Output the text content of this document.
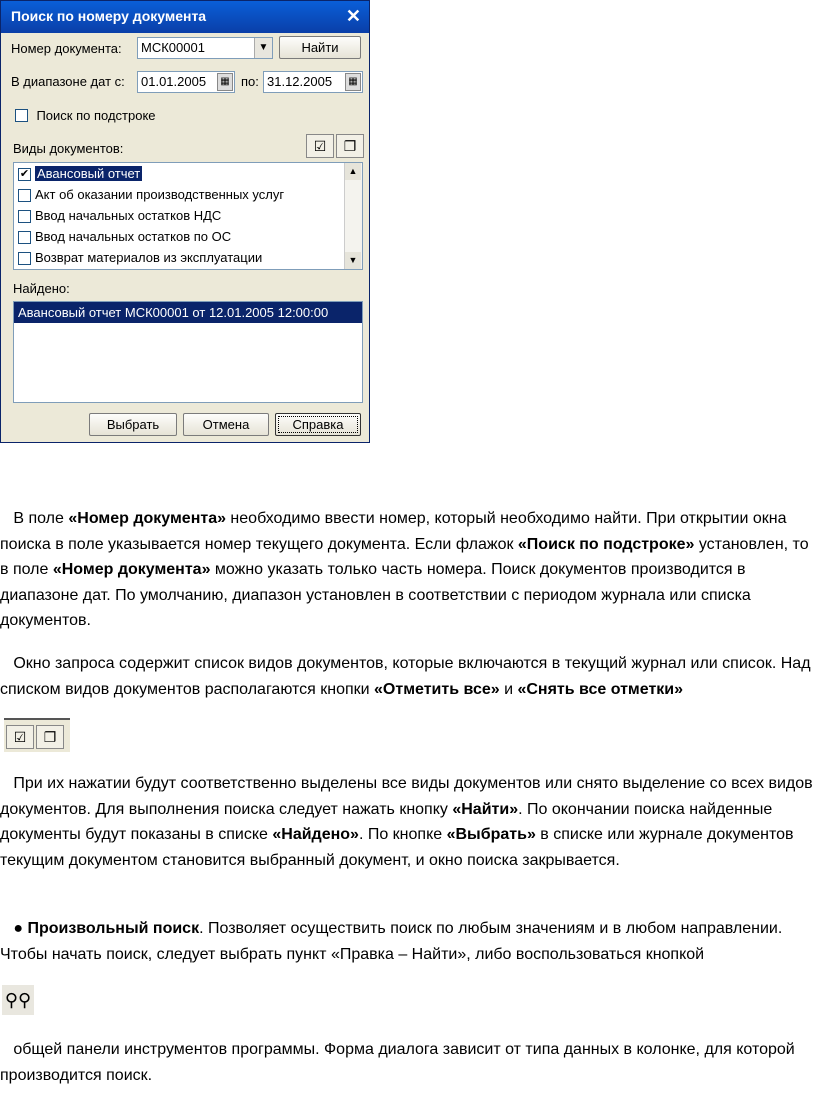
Поиск по номеру документа	✕
Номер документа:	МСК00001	▼	Найти
В диапазоне дат с:	01.01.2005	▦ по: 31.12.2005	▦
Поиск по подстроке
Виды документов:	☑	❐
✔ Авансовый отчет
Акт об оказании производственных услуг
Ввод начальных остатков НДС
Ввод начальных остатков по ОС
Возврат материалов из эксплуатации
▲
▼
Найдено:
Авансовый отчет МСК00001 от 12.01.2005 12:00:00
Выбрать	Отмена	Справка
В поле «Номер документа» необходимо ввести номер, который необходимо найти. При открытии окна поиска в поле указывается номер текущего документа. Если флажок «Поиск по подстроке» установлен, то в поле «Номер документа» можно указать только часть номера. Поиск документов производится в диапазоне дат. По умолчанию, диапазон установлен в соответствии с периодом журнала или списка документов.
Окно запроса содержит список видов документов, которые включаются в текущий журнал или список. Над списком видов документов располагаются кнопки «Отметить все» и «Снять все отметки»
☑	❐
При их нажатии будут соответственно выделены все виды документов или снято выделение со всех видов документов. Для выполнения поиска следует нажать кнопку «Найти». По окончании поиска найденные документы будут показаны в списке «Найдено». По кнопке «Выбрать» в списке или журнале документов текущим документом становится выбранный документ, и окно поиска закрывается.
● Произвольный поиск. Позволяет осуществить поиск по любым значениям и в любом направлении. Чтобы начать поиск, следует выбрать пункт «Правка – Найти», либо воспользоваться кнопкой
⚲⚲
общей панели инструментов программы. Форма диалога зависит от типа данных в колонке, для которой производится поиск.
